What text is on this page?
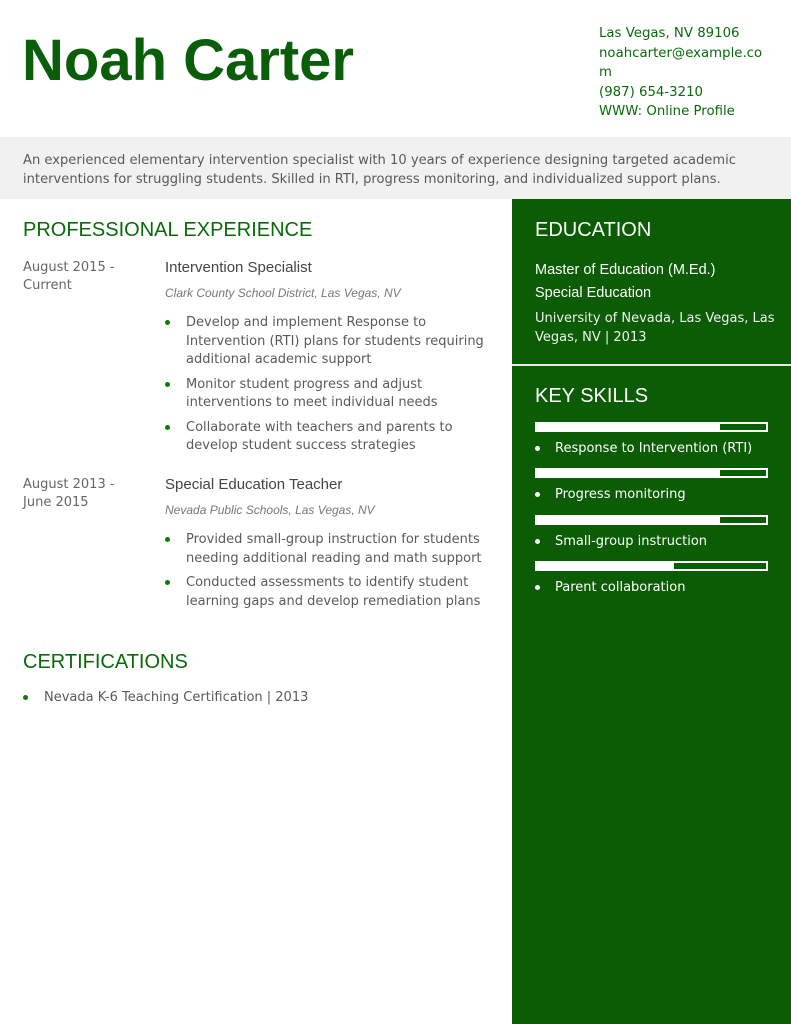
Noah Carter	Las Vegas, NV 89106
noahcarter@example.com
(987) 654-3210
WWW: Online Profile

An experienced elementary intervention specialist with 10 years of experience designing targeted academic interventions for struggling students. Skilled in RTI, progress monitoring, and individualized support plans.

PROFESSIONAL EXPERIENCE
August 2015 - Current
Intervention Specialist
Clark County School District, Las Vegas, NV
Develop and implement Response to Intervention (RTI) plans for students requiring additional academic support
Monitor student progress and adjust interventions to meet individual needs
Collaborate with teachers and parents to develop student success strategies
August 2013 - June 2015
Special Education Teacher
Nevada Public Schools, Las Vegas, NV
Provided small-group instruction for students needing additional reading and math support
Conducted assessments to identify student learning gaps and develop remediation plans
CERTIFICATIONS
Nevada K-6 Teaching Certification | 2013
EDUCATION
Master of Education (M.Ed.)
Special Education
University of Nevada, Las Vegas, Las Vegas, NV | 2013
KEY SKILLS
Response to Intervention (RTI)
Progress monitoring
Small-group instruction
Parent collaboration
